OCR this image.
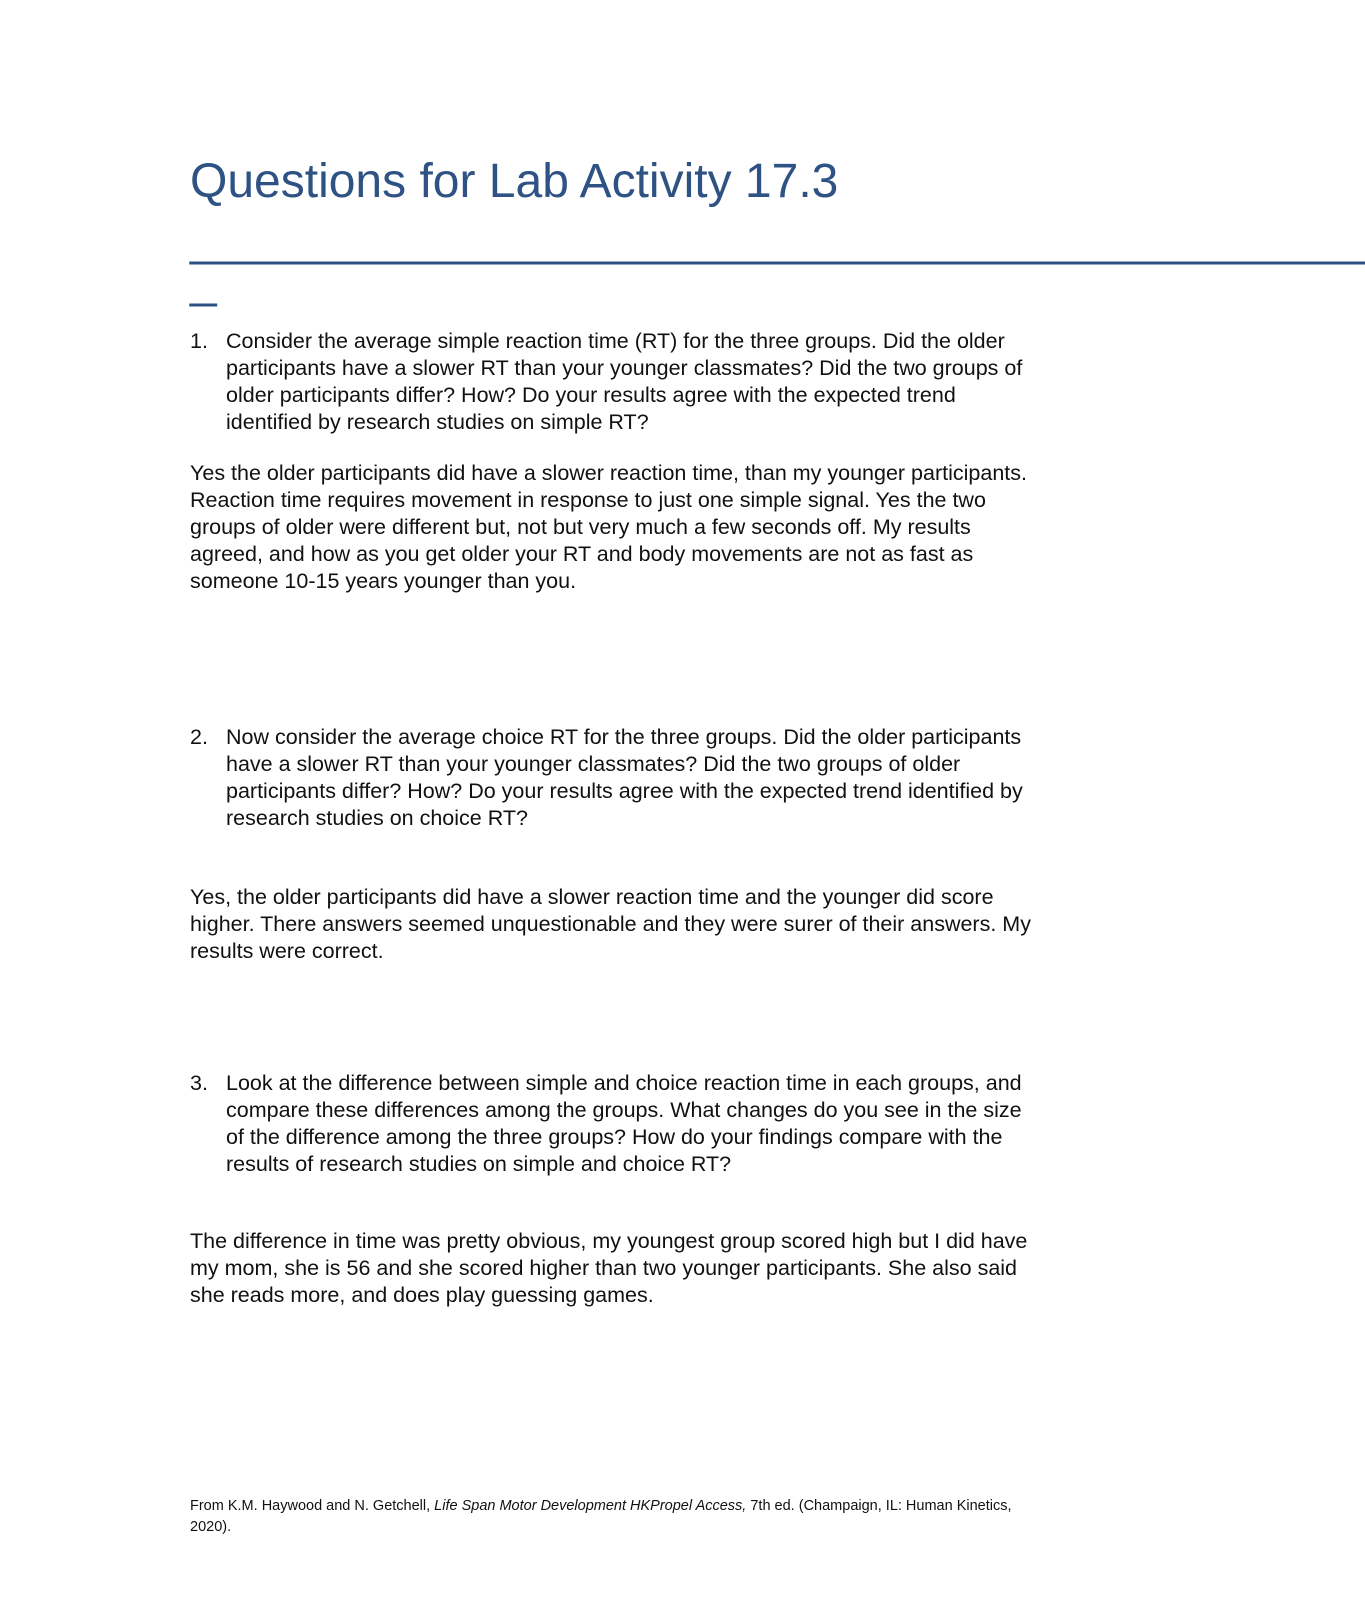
Questions for Lab Activity 17.3
____________________________________________
_
1. Consider the average simple reaction time (RT) for the three groups. Did the older participants have a slower RT than your younger classmates? Did the two groups of older participants differ? How? Do your results agree with the expected trend identified by research studies on simple RT?

Yes the older participants did have a slower reaction time, than my younger participants. Reaction time requires movement in response to just one simple signal. Yes the two groups of older were different but, not but very much a few seconds off. My results agreed, and how as you get older your RT and body movements are not as fast as someone 10-15 years younger than you.

2. Now consider the average choice RT for the three groups. Did the older participants have a slower RT than your younger classmates? Did the two groups of older participants differ? How? Do your results agree with the expected trend identified by research studies on choice RT?

Yes, the older participants did have a slower reaction time and the younger did score higher. There answers seemed unquestionable and they were surer of their answers. My results were correct.

3. Look at the difference between simple and choice reaction time in each groups, and compare these differences among the groups. What changes do you see in the size of the difference among the three groups? How do your findings compare with the results of research studies on simple and choice RT?

The difference in time was pretty obvious, my youngest group scored high but I did have my mom, she is 56 and she scored higher than two younger participants. She also said she reads more, and does play guessing games.

From K.M. Haywood and N. Getchell, Life Span Motor Development HKPropel Access, 7th ed. (Champaign, IL: Human Kinetics, 2020).
